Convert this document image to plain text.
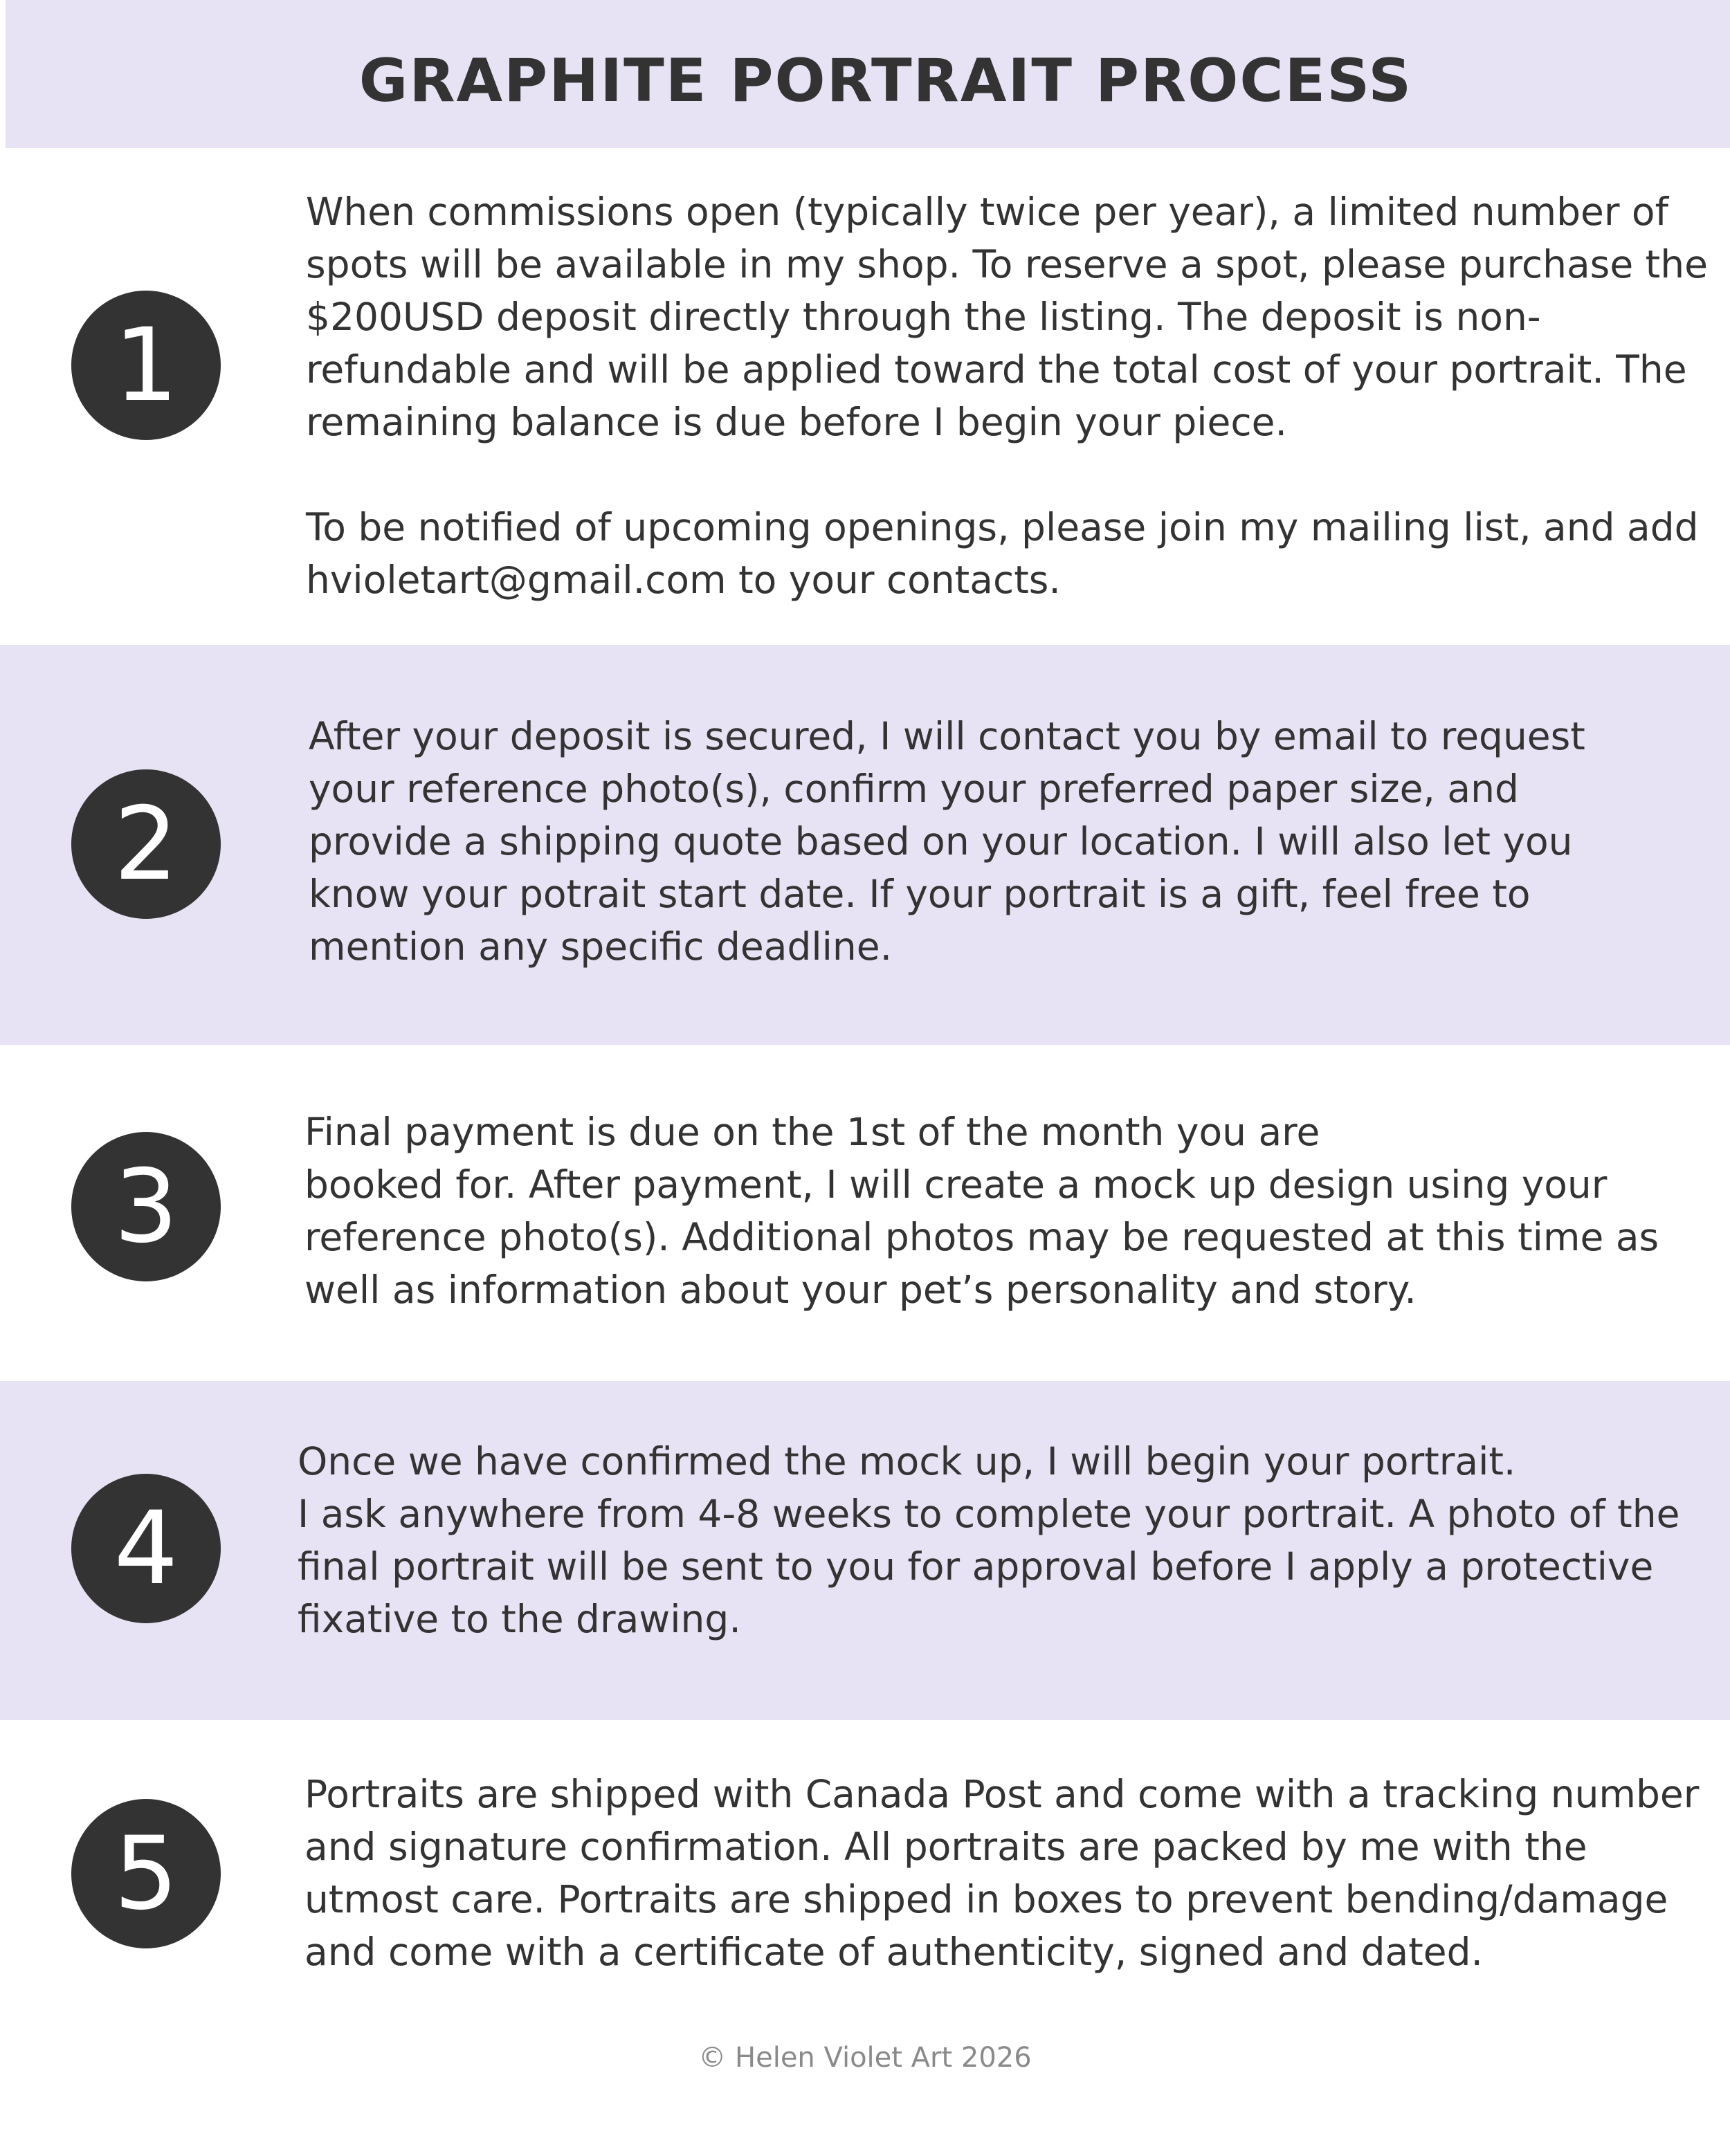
GRAPHITE PORTRAIT PROCESS
1
When commissions open (typically twice per year), a limited number of
spots will be available in my shop. To reserve a spot, please purchase the
$200USD deposit directly through the listing. The deposit is non-
refundable and will be applied toward the total cost of your portrait. The
remaining balance is due before I begin your piece.
To be notified of upcoming openings, please join my mailing list, and add
hvioletart@gmail.com to your contacts.
2
After your deposit is secured, I will contact you by email to request
your reference photo(s), confirm your preferred paper size, and
provide a shipping quote based on your location. I will also let you
know your potrait start date. If your portrait is a gift, feel free to
mention any specific deadline.
3
Final payment is due on the 1st of the month you are
booked for. After payment, I will create a mock up design using your
reference photo(s). Additional photos may be requested at this time as
well as information about your pet’s personality and story.
4
Once we have confirmed the mock up, I will begin your portrait.
I ask anywhere from 4-8 weeks to complete your portrait. A photo of the
final portrait will be sent to you for approval before I apply a protective
fixative to the drawing.
5
Portraits are shipped with Canada Post and come with a tracking number
and signature confirmation. All portraits are packed by me with the
utmost care. Portraits are shipped in boxes to prevent bending/damage
and come with a certificate of authenticity, signed and dated.
© Helen Violet Art 2026
